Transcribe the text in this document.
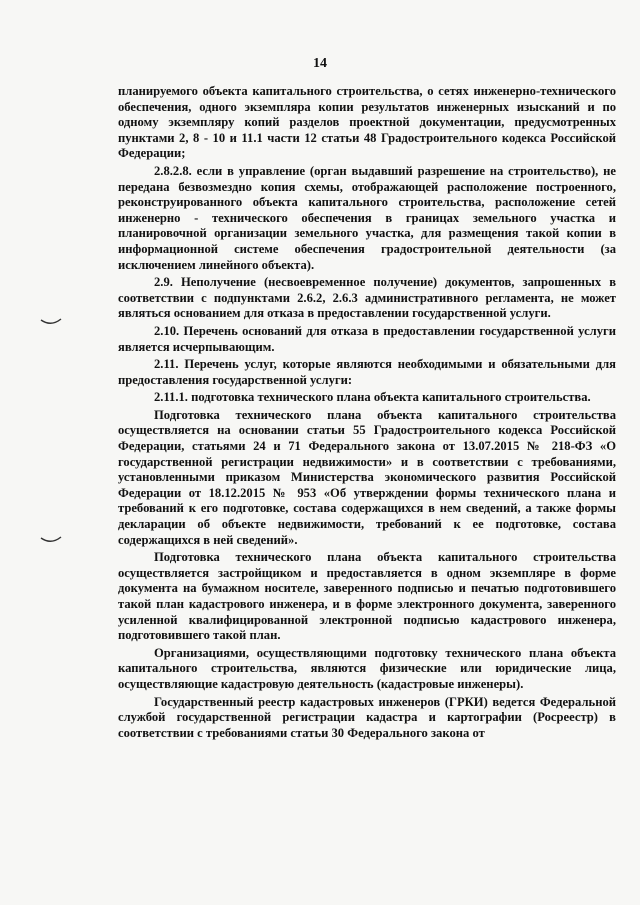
14

планируемого объекта капитального строительства, о сетях инженерно-технического обеспечения, одного экземпляра копии результатов инженерных изысканий и по одному экземпляру копий разделов проектной документации, предусмотренных пунктами 2, 8 - 10 и 11.1 части 12 статьи 48 Градостроительного кодекса Российской Федерации;

2.8.2.8. если в управление (орган выдавший разрешение на строительство), не передана безвозмездно копия схемы, отображающей расположение построенного, реконструированного объекта капитального строительства, расположение сетей инженерно - технического обеспечения в границах земельного участка и планировочной организации земельного участка, для размещения такой копии в информационной системе обеспечения градостроительной деятельности (за исключением линейного объекта).

2.9. Неполучение (несвоевременное получение) документов, запрошенных в соответствии с подпунктами 2.6.2, 2.6.3 административного регламента, не может являться основанием для отказа в предоставлении государственной услуги.

2.10. Перечень оснований для отказа в предоставлении государственной услуги является исчерпывающим.

2.11. Перечень услуг, которые являются необходимыми и обязательными для предоставления государственной услуги:

2.11.1. подготовка технического плана объекта капитального строительства.

Подготовка технического плана объекта капитального строительства осуществляется на основании статьи 55 Градостроительного кодекса Российской Федерации, статьями 24 и 71 Федерального закона от 13.07.2015 № 218-ФЗ «О государственной регистрации недвижимости» и в соответствии с требованиями, установленными приказом Министерства экономического развития Российской Федерации от 18.12.2015 № 953 «Об утверждении формы технического плана и требований к его подготовке, состава содержащихся в нем сведений, а также формы декларации об объекте недвижимости, требований к ее подготовке, состава содержащихся в ней сведений».

Подготовка технического плана объекта капитального строительства осуществляется застройщиком и предоставляется в одном экземпляре в форме документа на бумажном носителе, заверенного подписью и печатью подготовившего такой план кадастрового инженера, и в форме электронного документа, заверенного усиленной квалифицированной электронной подписью кадастрового инженера, подготовившего такой план.

Организациями, осуществляющими подготовку технического плана объекта капитального строительства, являются физические или юридические лица, осуществляющие кадастровую деятельность (кадастровые инженеры).

Государственный реестр кадастровых инженеров (ГРКИ) ведется Федеральной службой государственной регистрации кадастра и картографии (Росреестр) в соответствии с требованиями статьи 30 Федерального закона от
